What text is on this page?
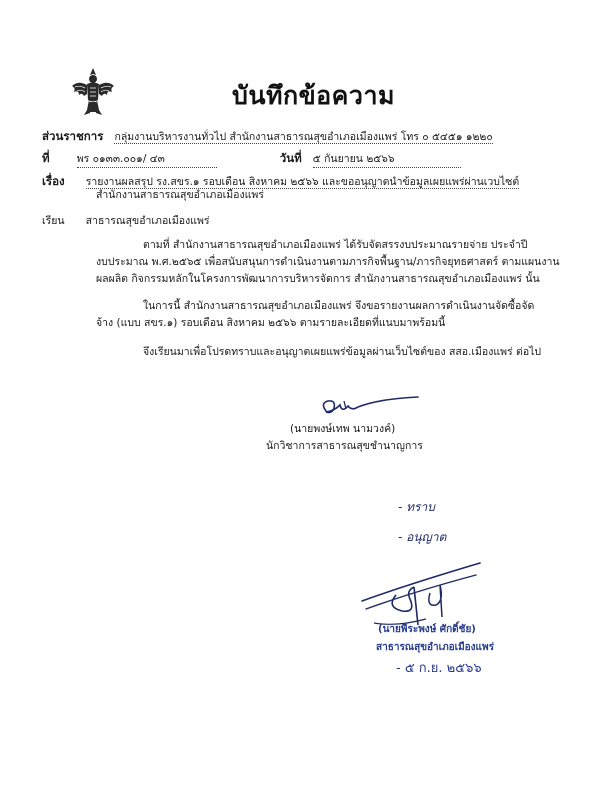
บันทึกข้อความ
ส่วนราชการ กลุ่มงานบริหารงานทั่วไป สำนักงานสาธารณสุขอำเภอเมืองแพร่ โทร ๐ ๕๔๕๑ ๑๒๒๐
ที่	พร ๐๑๓๓.๐๐๑/ ๔๓	วันที่ ๕ กันยายน ๒๕๖๖
เรื่อง รายงานผลสรุป รง.สขร.๑ รอบเดือน สิงหาคม ๒๕๖๖ และขออนุญาตนำข้อมูลเผยแพร่ผ่านเวบไซต์
สำนักงานสาธารณสุขอำเภอเมืองแพร่
เรียน สาธารณสุขอำเภอเมืองแพร่
ตามที่ สำนักงานสาธารณสุขอำเภอเมืองแพร่ ได้รับจัดสรรงบประมาณรายจ่าย ประจำปี
งบประมาณ พ.ศ.๒๕๖๕ เพื่อสนับสนุนการดำเนินงานตามภารกิจพื้นฐาน/ภารกิจยุทธศาสตร์ ตามแผนงาน
ผลผลิต กิจกรรมหลักในโครงการพัฒนาการบริหารจัดการ สำนักงานสาธารณสุขอำเภอเมืองแพร่ นั้น
ในการนี้ สำนักงานสาธารณสุขอำเภอเมืองแพร่ จึงขอรายงานผลการดำเนินงานจัดซื้อจัด
จ้าง (แบบ สขร.๑) รอบเดือน สิงหาคม ๒๕๖๖ ตามรายละเอียดที่แนบมาพร้อมนี้
จึงเรียนมาเพื่อโปรดทราบและอนุญาตเผยแพร่ข้อมูลผ่านเว็บไซต์ของ สสอ.เมืองแพร่ ต่อไป
(นายพงษ์เทพ นามวงค์)
นักวิชาการสาธารณสุขชำนาญการ
- ทราบ
- อนุญาต
(นายพีระพงษ์ ศักดิ์ชัย)
สาธารณสุขอำเภอเมืองแพร่
- ๕ ก.ย. ๒๕๖๖
